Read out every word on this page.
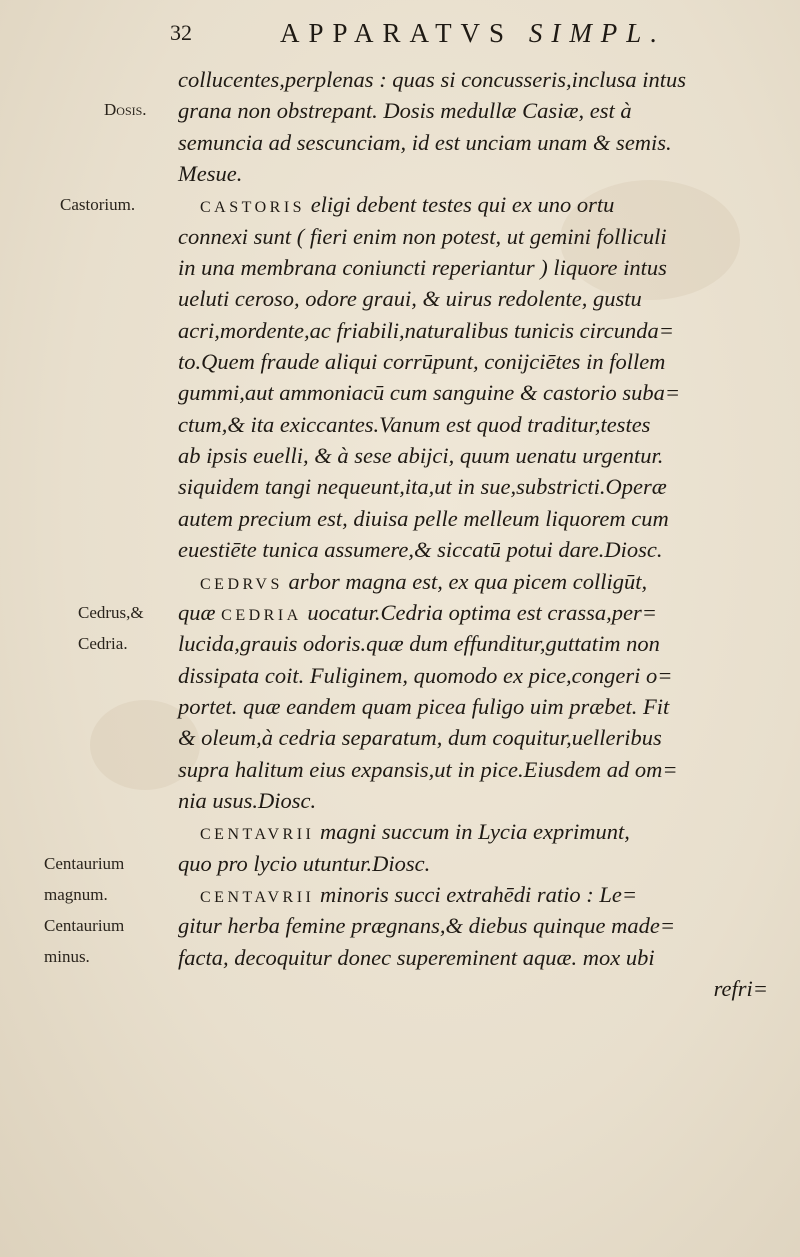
32	APPARATVS SIMPL.
Dosis.
Castorium.
Cedrus,&
Cedria.
Centaurium
magnum.
Centaurium
minus.
collucentes,perplenas : quas si concusseris,inclusa intus
grana non obstrepant. Dosis medullæ Casiæ, est à
semuncia ad sescunciam, id est unciam unam & semis.
Mesue.
CASTORIS eligi debent testes qui ex uno ortu
connexi sunt ( fieri enim non potest, ut gemini folliculi
in una membrana coniuncti reperiantur ) liquore intus
ueluti ceroso, odore graui, & uirus redolente, gustu
acri,mordente,ac friabili,naturalibus tunicis circunda=
to.Quem fraude aliqui corrūpunt, conijciētes in follem
gummi,aut ammoniacū cum sanguine & castorio suba=
ctum,& ita exiccantes.Vanum est quod traditur,testes
ab ipsis euelli, & à sese abijci, quum uenatu urgentur.
siquidem tangi nequeunt,ita,ut in sue,substricti.Operæ
autem precium est, diuisa pelle melleum liquorem cum
euestiēte tunica assumere,& siccatū potui dare.Diosc.
CEDRVS arbor magna est, ex qua picem colligūt,
quæ CEDRIA uocatur.Cedria optima est crassa,per=
lucida,grauis odoris.quæ dum effunditur,guttatim non
dissipata coit. Fuliginem, quomodo ex pice,congeri o=
portet. quæ eandem quam picea fuligo uim præbet. Fit
& oleum,à cedria separatum, dum coquitur,uelleribus
supra halitum eius expansis,ut in pice.Eiusdem ad om=
nia usus.Diosc.
CENTAVRII magni succum in Lycia exprimunt,
quo pro lycio utuntur.Diosc.
CENTAVRII minoris succi extrahēdi ratio : Le=
gitur herba femine prægnans,& diebus quinque made=
facta, decoquitur donec supereminent aquæ. mox ubi
refri=
